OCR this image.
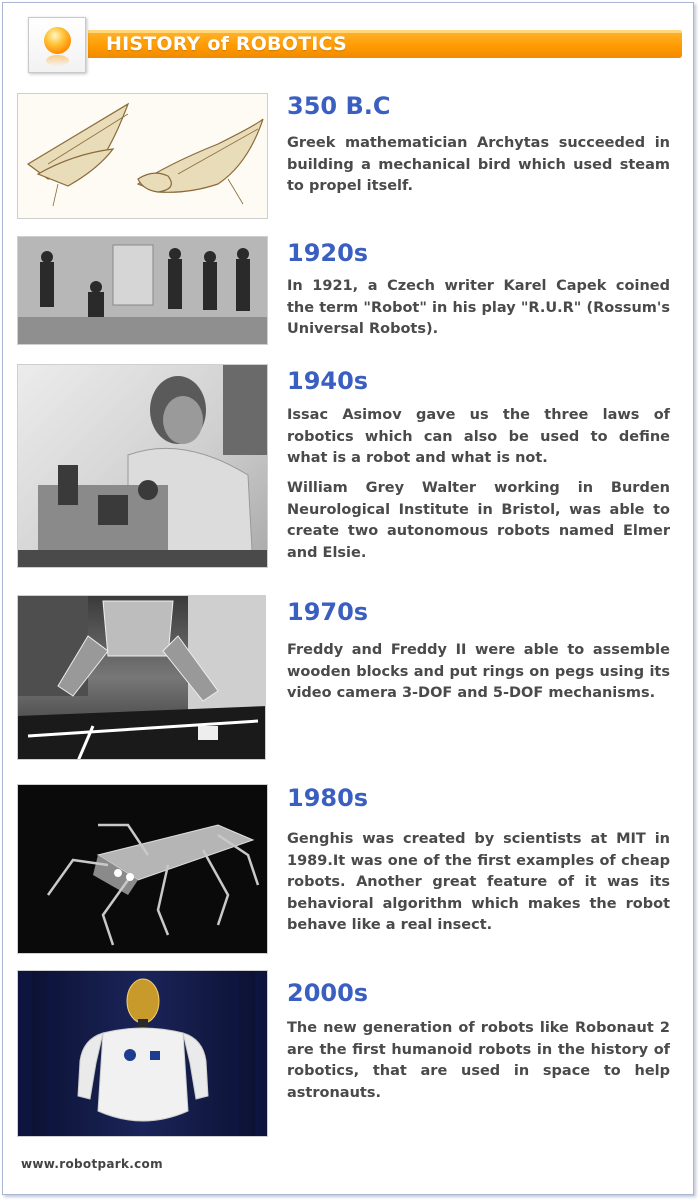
HISTORY of ROBOTICS
350 B.C
Greek mathematician Archytas succeeded in building a mechanical bird which used steam to propel itself.
1920s
In 1921, a Czech writer Karel Capek coined the term "Robot" in his play "R.U.R" (Rossum's Universal Robots).
1940s
Issac Asimov gave us the three laws of robotics which can also be used to define what is a robot and what is not.
William Grey Walter working in Burden Neurological Institute in Bristol, was able to create two autonomous robots named Elmer and Elsie.
1970s
Freddy and Freddy II were able to assemble wooden blocks and put rings on pegs using its video camera 3-DOF and 5-DOF mechanisms.
1980s
Genghis was created by scientists at MIT in 1989.It was one of the first examples of cheap robots. Another great feature of it was its behavioral algorithm which makes the robot behave like a real insect.
2000s
The new generation of robots like Robonaut 2 are the first humanoid robots in the history of robotics, that are used in space to help astronauts.
www.robotpark.com
